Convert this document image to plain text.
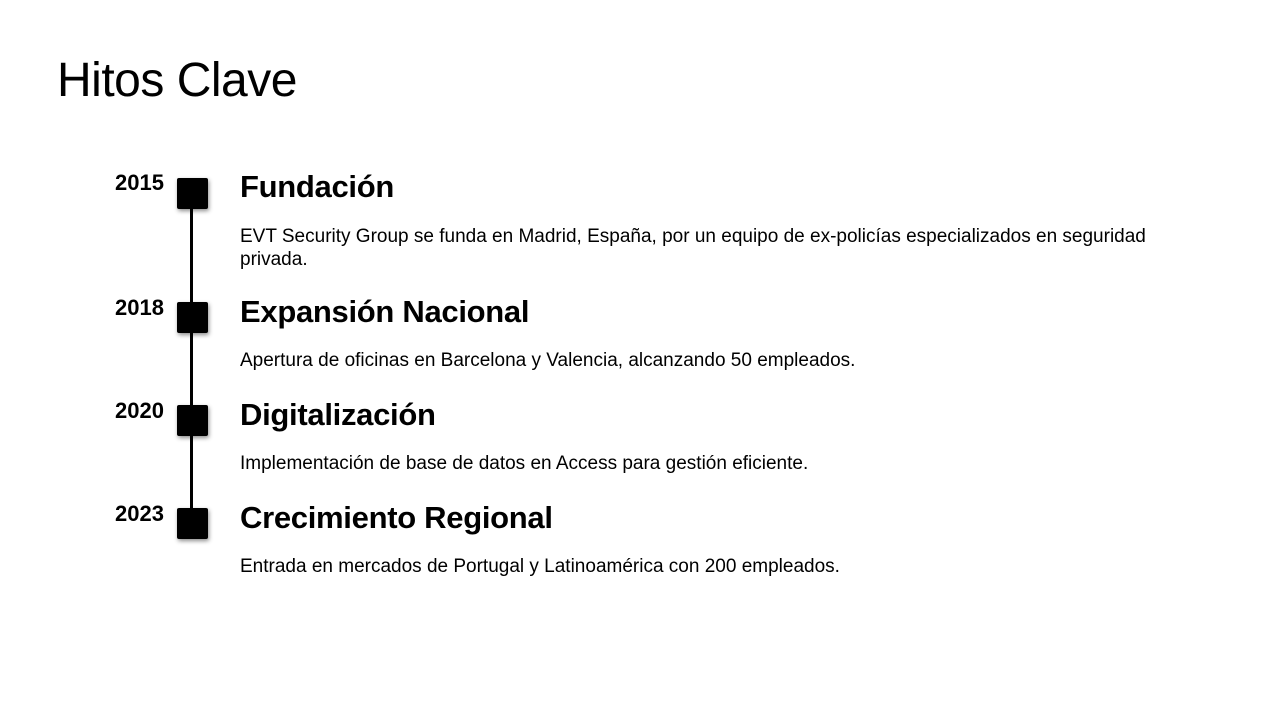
Hitos Clave
2015 Fundación

EVT Security Group se funda en Madrid, España, por un equipo de ex-policías especializados en seguridad privada.

2018 Expansión Nacional

Apertura de oficinas en Barcelona y Valencia, alcanzando 50 empleados.

2020 Digitalización

Implementación de base de datos en Access para gestión eficiente.

2023 Crecimiento Regional

Entrada en mercados de Portugal y Latinoamérica con 200 empleados.
